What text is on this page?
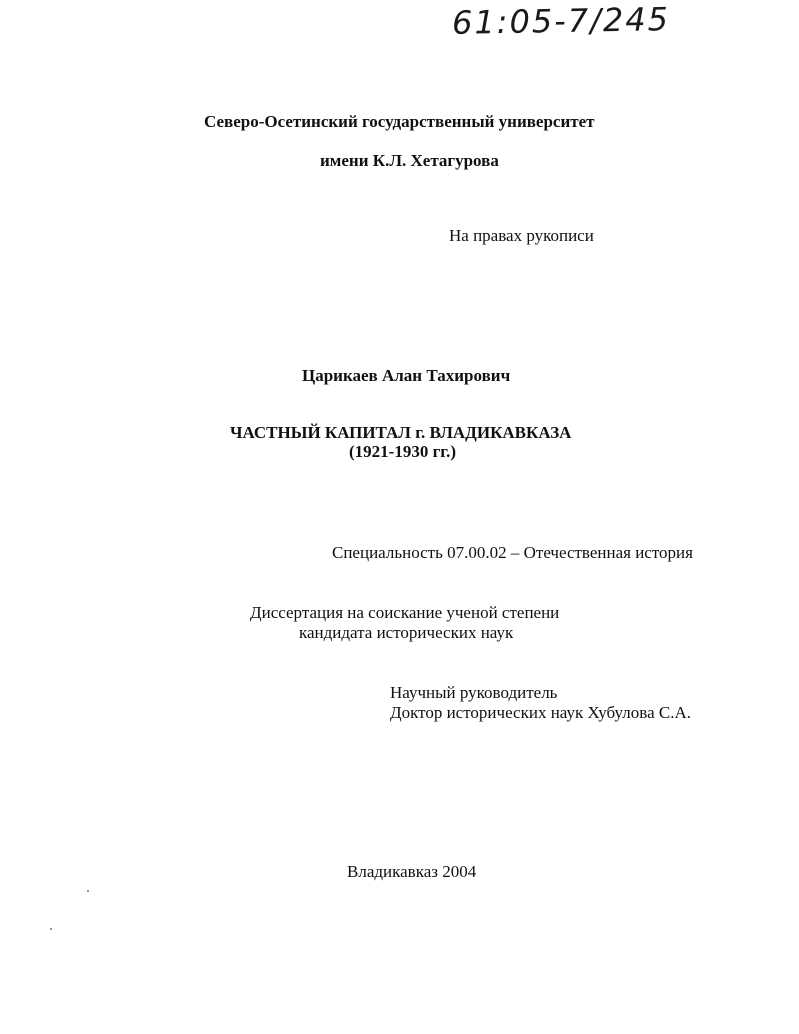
61:05-7/245
Северо-Осетинский государственный университет
имени К.Л. Хетагурова
На правах рукописи
Царикаев Алан Тахирович
ЧАСТНЫЙ КАПИТАЛ г. ВЛАДИКАВКАЗА
(1921-1930 гг.)
Специальность 07.00.02 – Отечественная история
Диссертация на соискание ученой степени
кандидата исторических наук
Научный руководитель
Доктор исторических наук Хубулова С.А.
Владикавказ 2004
